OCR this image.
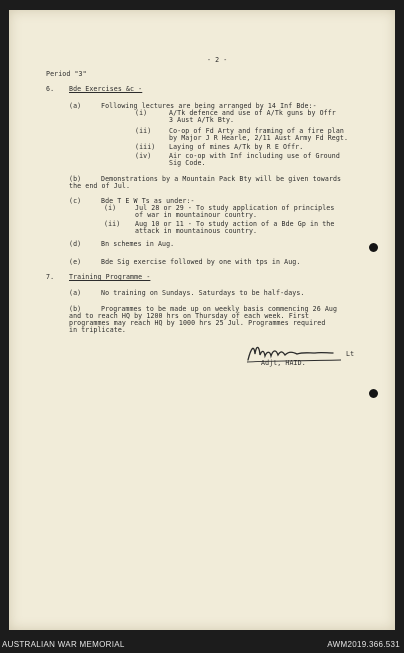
- 2 -
Period "3"
6. Bde Exercises &c -
(a)	Following lectures are being arranged by 14 Inf Bde:-
(i)	A/Tk defence and use of A/Tk guns by Offr
3 Aust A/Tk Bty.
(ii)	Co-op of Fd Arty and framing of a fire plan
by Major J R Hearle, 2/11 Aust Army Fd Regt.
(iii) Laying of mines A/Tk by R E Offr.
(iv)	Air co-op with Inf including use of Ground
Sig Code.
(b)	Demonstrations by a Mountain Pack Bty will be given towards
the end of Jul.
(c)	Bde T E W Ts as under:-
(i)	Jul 28 or 29 - To study application of principles
of war in mountainour country.
(ii) Aug 10 or 11 - To study action of a Bde Gp in the
attack in mountainous country.
(d)	Bn schemes in Aug.
(e)	Bde Sig exercise followed by one with tps in Aug.
7. Training Programme -
(a)	No training on Sundays. Saturdays to be half-days.
(b)	Programmes to be made up on weekly basis commencing 26 Aug
and to reach HQ by 1200 hrs on Thursday of each week. First
programmes may reach HQ by 1000 hrs 25 Jul. Programmes required
in triplicate.
Lt
Adjt, HAID.
AUSTRALIAN WAR MEMORIAL	AWM2019.366.531
